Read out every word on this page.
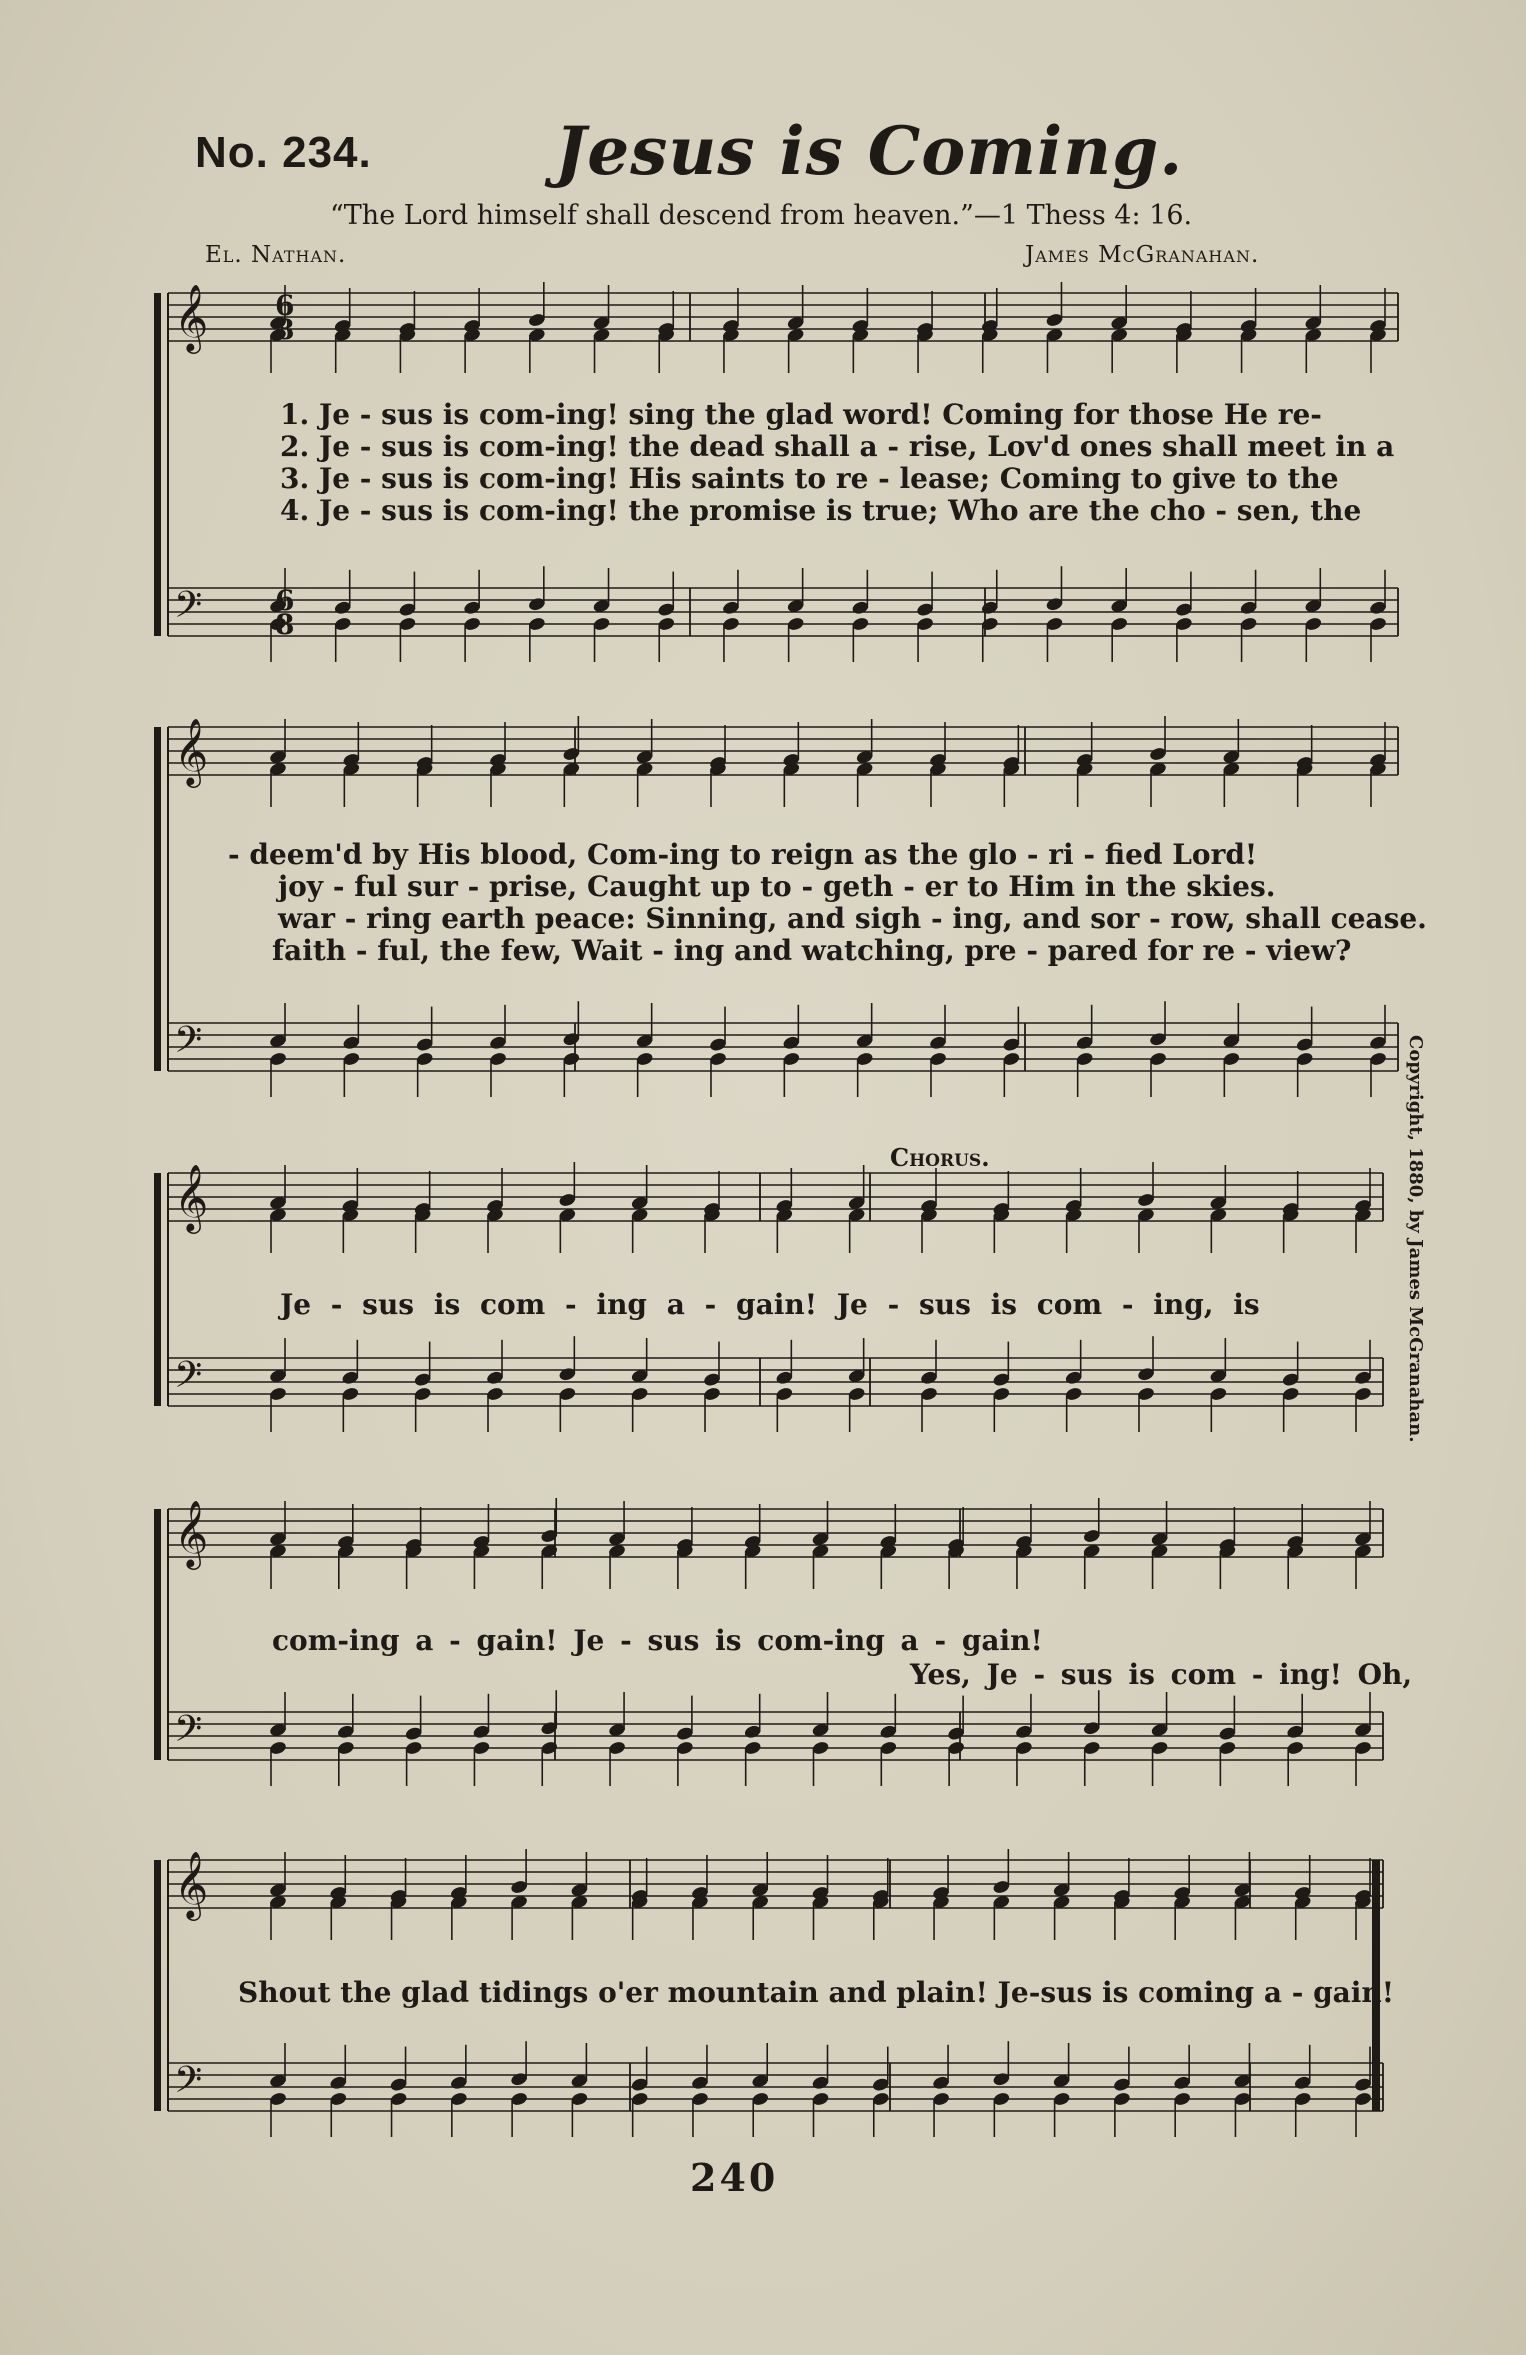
No. 234.	Jesus is Coming.
“The Lord himself shall descend from heaven.”—1 Thess 4: 16.
El. Nathan.	James McGranahan.
𝄞
𝄢
𝄞
𝄢
𝄞
𝄢
𝄞
𝄢
𝄞
𝄢
6
8
6
8
1. Je - sus is com-ing! sing the glad word! Coming for those He re-
2. Je - sus is com-ing! the dead shall a - rise, Lov'd ones shall meet in a
3. Je - sus is com-ing! His saints to re - lease; Coming to give to the
4. Je - sus is com-ing! the promise is true; Who are the cho - sen, the
- deem'd by His blood, Com-ing to reign as the glo - ri - fied Lord!
joy - ful sur - prise, Caught up to - geth - er to Him in the skies.
war - ring earth peace: Sinning, and sigh - ing, and sor - row, shall cease.
faith - ful, the few, Wait - ing and watching, pre - pared for re - view?
Chorus.
Je - sus is com - ing a - gain! Je - sus is com - ing, is
com-ing a - gain! Je - sus is com-ing a - gain!
Yes, Je - sus is com - ing! Oh,
Shout the glad tidings o'er mountain and plain! Je-sus is coming a - gain!
Copyright, 1880, by James McGranahan.
240
